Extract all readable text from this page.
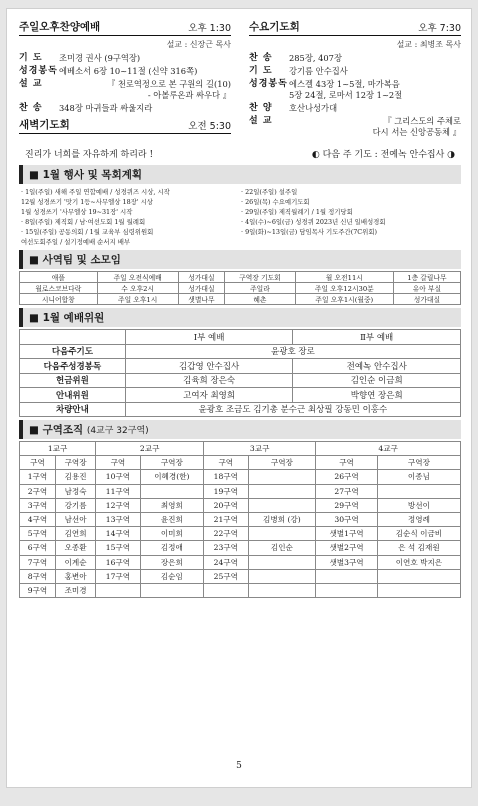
주일오후찬양예배	오후 1:30
설교 : 신장근 목사
기 도	조미경 권사 (9구역장)
성경봉독 에베소서 6장 10~11절 (신약 316쪽)
설 교	『 천로역정으로 본 구원의 길(10)
- 아볼루온과 싸우다 』
찬 송	348장 마귀들과 싸울지라
새벽기도회	오전 5:30
수요기도회	오후 7:30
설교 : 최병조 목사
찬 송	285장, 407장
기 도	강기름 안수집사
성경봉독 에스겔 43장 1~5절, 마가복음
5장 24절, 로마서 12장 1~2절
찬 양	호산나성가대
설 교	『 그리스도의 주체로
다시 서는 신앙공동체 』
진리가 너희를 자유하게 하리라 !	◐ 다음 주 기도 : 전예녹 안수집사 ◑
■ 1월 행사 및 목회계획
· 1일(주일) 새해 주일 연합예배 / 성경퀴즈 시상, 시작
12월 성경쓰기 '맛기 1등~사무엘상 18장' 시상
1월 성경쓰기 '사무엘상 19~31장' 시작
· 8일(주일) 제직회 / 남·여선도회 1월 월례회
· 15일(주일) 공동의회 / 1월 교육부 심령위원회
여선도회주일 / 설기정예배 순서지 배부
· 22일(주일) 설주일
· 26일(목) 수요예기도회
· 29일(주일) 제직월례기 / 1월 정기당회
· 4일(수)~6일(금) 성경퀴 2023년 신년 일배성경회
· 9일(화)~13일(금) 담임목사 기도주간(7C위회)
■ 사역팀 및 소모임
애플	주일 오전식예배	성가대실	구역장 기도회	월 오전11시	1층 갈릴나무
월로스코브다락	수 오후2시	성가대실	주일라	주일 오후12시30분	유아 부실
시니어합창	주일 오후1시	샛별나무	혜촌	주일 오후1시(월중)	성가대실
■ 1월 예배위원
	Ⅰ부 예배	Ⅱ부 예배
다음주기도	윤광호 장로	
다음주성경봉독	김갑영 안수집사	전예녹 안수집사
헌금위원	김육희 장은숙	김인순 이금희
안내위원	고여자 최영희	박향연 장은희
차량안내	윤광호 조금도 김기총 분수근 최상필 강동민 이홍수	
■ 구역조직 (4교구 32구역)
1교구		2교구		3교구		4교구	
구역	구역장	구역	구역장	구역	구역장	구역	구역장
1구역	김용진	10구역	이혜경(한)	18구역		26구역	이종님
2구역	남정숙	11구역		19구역		27구역	
3구역	강기름	12구역	최영희	20구역		29구역	방선이
4구역	남선아	13구역	윤진희	21구역	김병희 (강)	30구역	정영례
5구역	김연희	14구역	이미희	22구역		샛별1구역	김순식 이금비
6구역	오종환	15구역	김정애	23구역	김인순	샛별2구역	은 석 김재원
7구역	이계순	16구역	장은희	24구역		샛별3구역	이연호 박지은
8구역	홍변아	17구역	김순임	25구역			
9구역	조미경						
5
